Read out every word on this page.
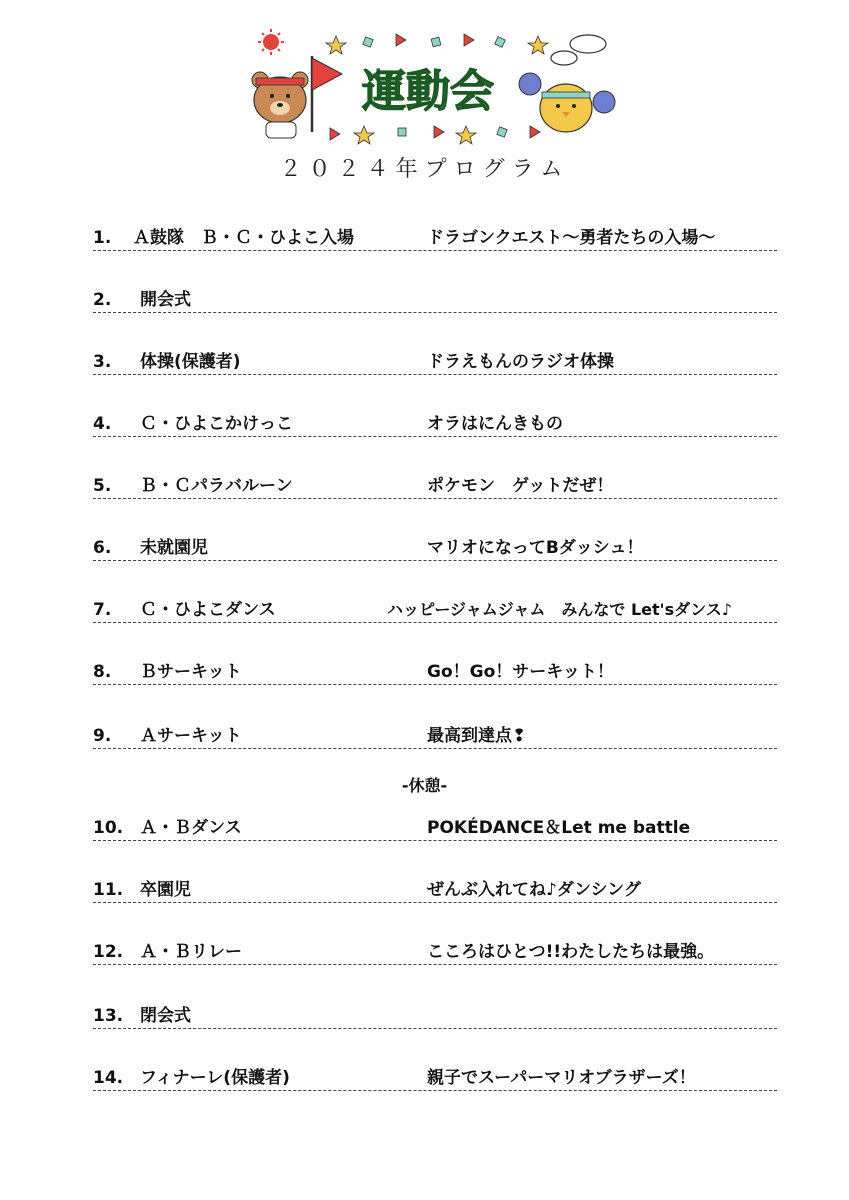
運動会
２０２４年プログラム
1. Ａ鼓隊　Ｂ・Ｃ・ひよこ入場	ドラゴンクエスト～勇者たちの入場～
2. 開会式
3. 体操(保護者)	ドラえもんのラジオ体操
4. Ｃ・ひよこかけっこ	オラはにんきもの
5. Ｂ・Ｃパラバルーン	ポケモン　ゲットだぜ！
6. 未就園児	マリオになってBダッシュ！
7. Ｃ・ひよこダンス	ハッピージャムジャム　みんなで Let'sダンス♪
8. Ｂサーキット	Go！Go！サーキット！
9. Ａサーキット	最高到達点❢
10. Ａ・Ｂダンス	POKÉDANCE＆Let me battle
11. 卒園児	ぜんぶ入れてね♪ダンシング
12. Ａ・Ｂリレー	こころはひとつ!!わたしたちは最強。
13. 閉会式
14. フィナーレ(保護者)	親子でスーパーマリオブラザーズ！
-休憩-
